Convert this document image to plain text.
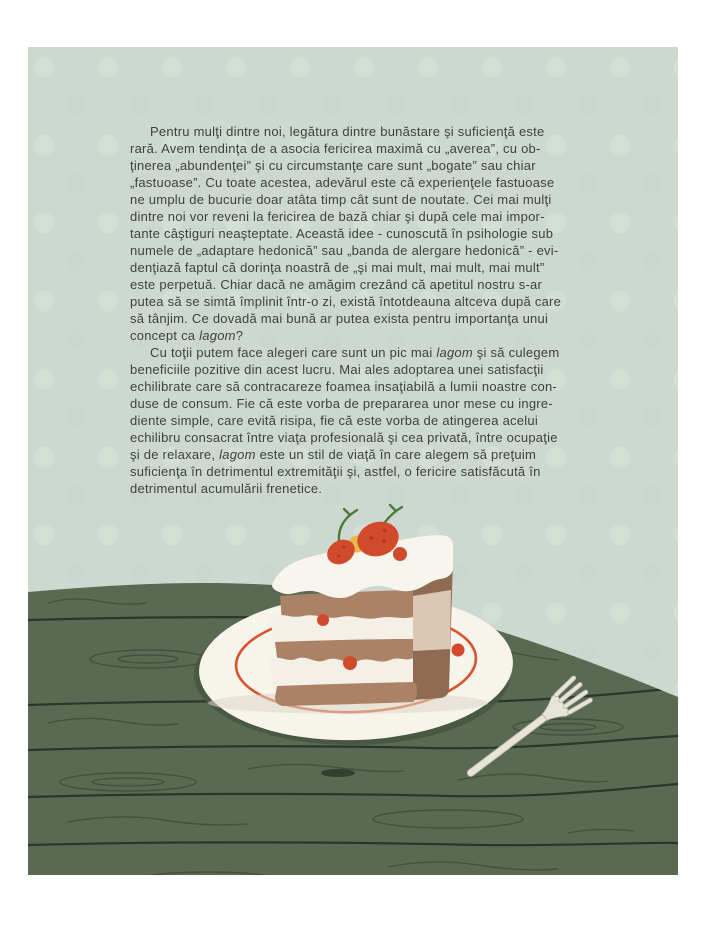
Pentru mulţi dintre noi, legătura dintre bunăstare şi suficienţă este
rară. Avem tendinţa de a asocia fericirea maximă cu „averea”, cu ob-
ţinerea „abundenţei” şi cu circumstanţe care sunt „bogate” sau chiar
„fastuoase”. Cu toate acestea, adevărul este că experienţele fastuoase
ne umplu de bucurie doar atâta timp cât sunt de noutate. Cei mai mulţi
dintre noi vor reveni la fericirea de bază chiar şi după cele mai impor-
tante câştiguri neaşteptate. Această idee - cunoscută în psihologie sub
numele de „adaptare hedonică” sau „banda de alergare hedonică” - evi-
denţiază faptul că dorinţa noastră de „şi mai mult, mai mult, mai mult”
este perpetuă. Chiar dacă ne amăgim crezând că apetitul nostru s-ar
putea să se simtă împlinit într-o zi, există întotdeauna altceva după care
să tânjim. Ce dovadă mai bună ar putea exista pentru importanţa unui
concept ca lagom?
Cu toţii putem face alegeri care sunt un pic mai lagom şi să culegem
beneficiile pozitive din acest lucru. Mai ales adoptarea unei satisfacţii
echilibrate care să contracareze foamea insaţiabilă a lumii noastre con-
duse de consum. Fie că este vorba de prepararea unor mese cu ingre-
diente simple, care evită risipa, fie că este vorba de atingerea acelui
echilibru consacrat între viaţa profesională şi cea privată, între ocupaţie
şi de relaxare, lagom este un stil de viaţă în care alegem să preţuim
suficienţa în detrimentul extremităţii şi, astfel, o fericire satisfăcută în
detrimentul acumulării frenetice.
